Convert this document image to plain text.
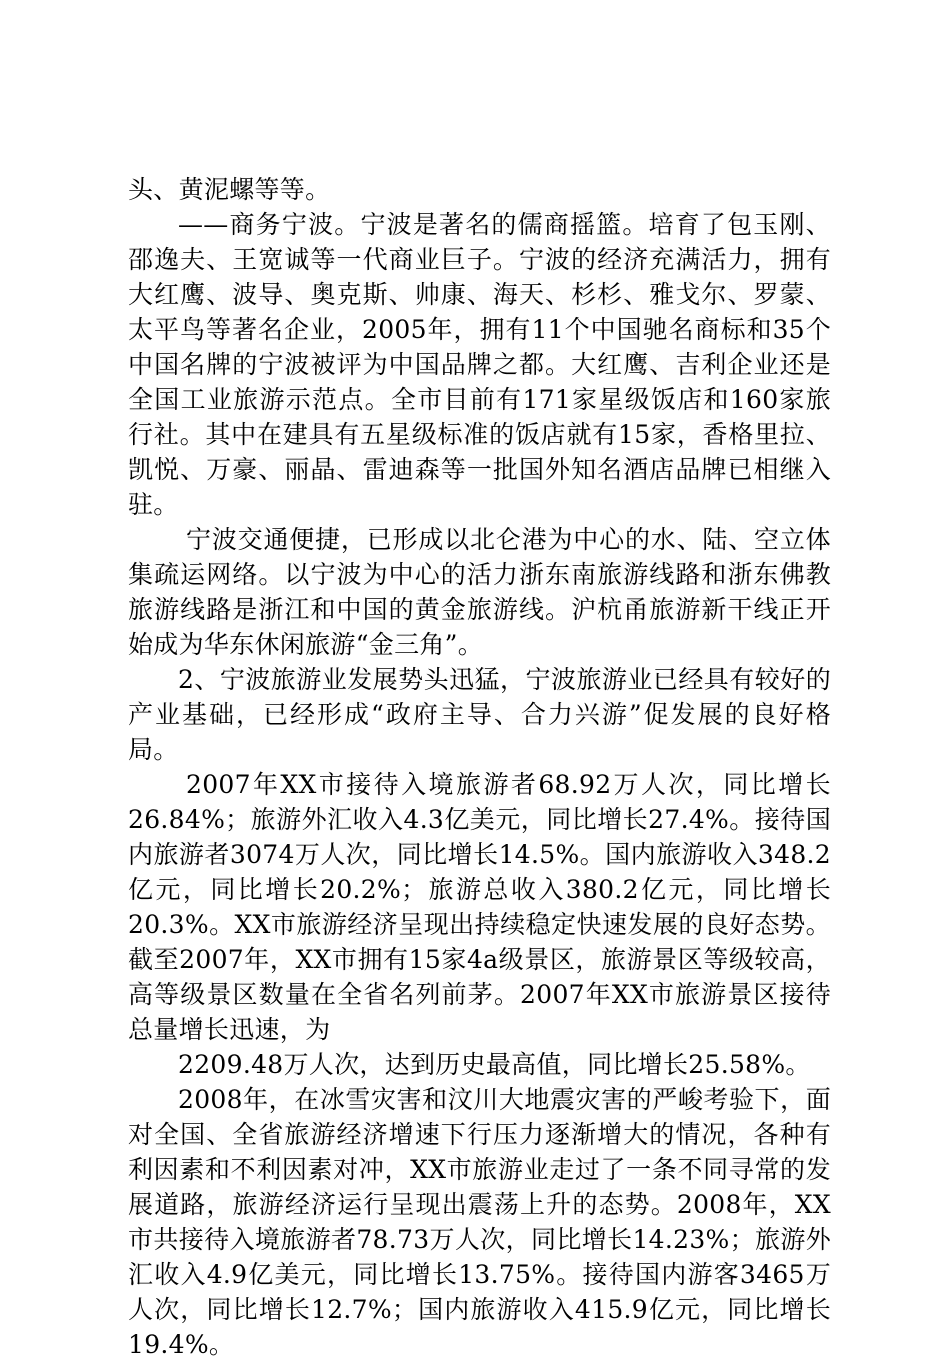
头、黄泥螺等等。

——商务宁波。宁波是著名的儒商摇篮。培育了包玉刚、邵逸夫、王宽诚等一代商业巨子。宁波的经济充满活力，拥有大红鹰、波导、奥克斯、帅康、海天、杉杉、雅戈尔、罗蒙、太平鸟等著名企业，2005年，拥有11个中国驰名商标和35个中国名牌的宁波被评为中国品牌之都。大红鹰、吉利企业还是全国工业旅游示范点。全市目前有171家星级饭店和160家旅行社。其中在建具有五星级标准的饭店就有15家，香格里拉、凯悦、万豪、丽晶、雷迪森等一批国外知名酒店品牌已相继入驻。

宁波交通便捷，已形成以北仑港为中心的水、陆、空立体集疏运网络。以宁波为中心的活力浙东南旅游线路和浙东佛教旅游线路是浙江和中国的黄金旅游线。沪杭甬旅游新干线正开始成为华东休闲旅游“金三角”。

2、宁波旅游业发展势头迅猛，宁波旅游业已经具有较好的产业基础，已经形成“政府主导、合力兴游”促发展的良好格局。

2007年XX市接待入境旅游者68.92万人次，同比增长26.84%；旅游外汇收入4.3亿美元，同比增长27.4%。接待国内旅游者3074万人次，同比增长14.5%。国内旅游收入348.2亿元，同比增长20.2%；旅游总收入380.2亿元，同比增长20.3%。XX市旅游经济呈现出持续稳定快速发展的良好态势。截至2007年，XX市拥有15家4a级景区，旅游景区等级较高，高等级景区数量在全省名列前茅。2007年XX市旅游景区接待总量增长迅速，为

2209.48万人次，达到历史最高值，同比增长25.58%。

2008年，在冰雪灾害和汶川大地震灾害的严峻考验下，面对全国、全省旅游经济增速下行压力逐渐增大的情况，各种有利因素和不利因素对冲，XX市旅游业走过了一条不同寻常的发展道路，旅游经济运行呈现出震荡上升的态势。2008年，XX市共接待入境旅游者78.73万人次，同比增长14.23%；旅游外汇收入4.9亿美元，同比增长13.75%。接待国内游客3465万人次，同比增长12.7%；国内旅游收入415.9亿元，同比增长19.4%。
